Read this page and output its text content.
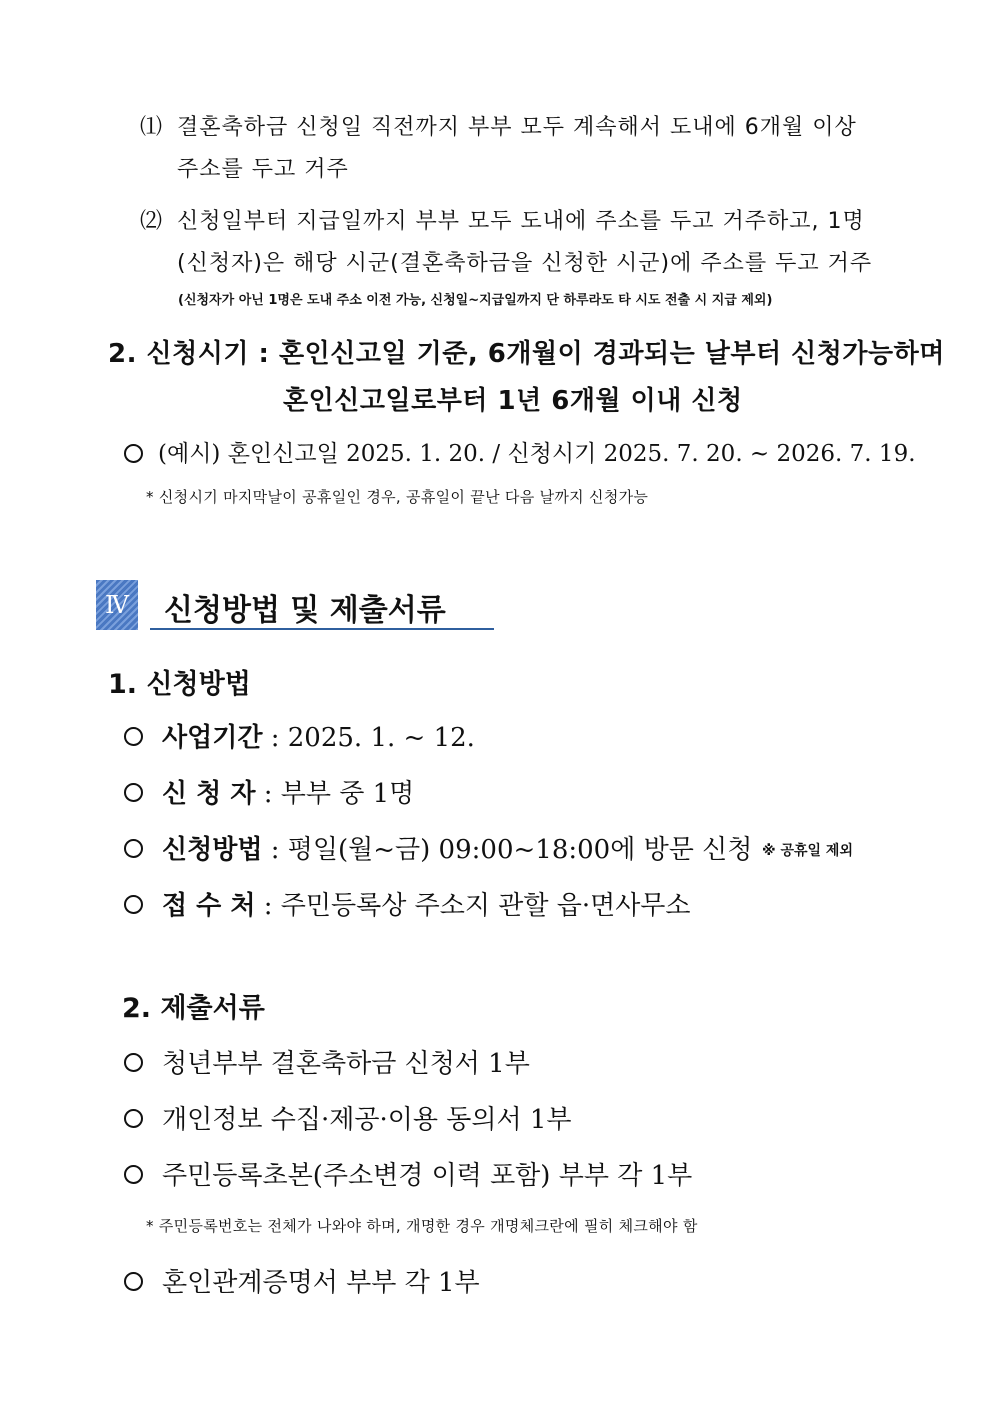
⑴ 결혼축하금 신청일 직전까지 부부 모두 계속해서 도내에 6개월 이상
주소를 두고 거주
⑵ 신청일부터 지급일까지 부부 모두 도내에 주소를 두고 거주하고, 1명
(신청자)은 해당 시군(결혼축하금을 신청한 시군)에 주소를 두고 거주
(신청자가 아닌 1명은 도내 주소 이전 가능, 신청일~지급일까지 단 하루라도 타 시도 전출 시 지급 제외)
2. 신청시기 : 혼인신고일 기준, 6개월이 경과되는 날부터 신청가능하며
혼인신고일로부터 1년 6개월 이내 신청
(예시) 혼인신고일 2025. 1. 20. / 신청시기 2025. 7. 20. ~ 2026. 7. 19.
* 신청시기 마지막날이 공휴일인 경우, 공휴일이 끝난 다음 날까지 신청가능
Ⅳ 신청방법 및 제출서류
1. 신청방법
사업기간 : 2025. 1. ~ 12.
신 청 자 : 부부 중 1명
신청방법 : 평일(월~금) 09:00~18:00에 방문 신청 ※ 공휴일 제외
접 수 처 : 주민등록상 주소지 관할 읍·면사무소
2. 제출서류
청년부부 결혼축하금 신청서 1부
개인정보 수집·제공·이용 동의서 1부
주민등록초본(주소변경 이력 포함) 부부 각 1부
* 주민등록번호는 전체가 나와야 하며, 개명한 경우 개명체크란에 필히 체크해야 함
혼인관계증명서 부부 각 1부
